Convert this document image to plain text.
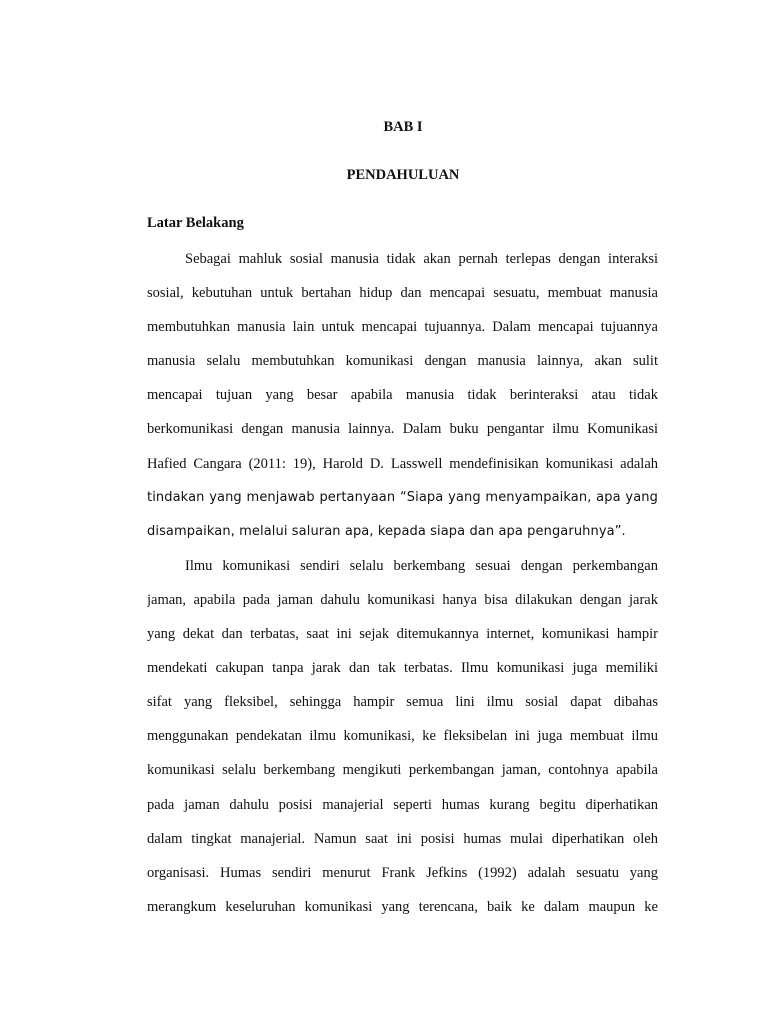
BAB I
PENDAHULUAN
Latar Belakang
Sebagai mahluk sosial manusia tidak akan pernah terlepas dengan interaksi
sosial, kebutuhan untuk bertahan hidup dan mencapai sesuatu, membuat manusia
membutuhkan manusia lain untuk mencapai tujuannya. Dalam mencapai tujuannya
manusia selalu membutuhkan komunikasi dengan manusia lainnya, akan sulit
mencapai tujuan yang besar apabila manusia tidak berinteraksi atau tidak
berkomunikasi dengan manusia lainnya. Dalam buku pengantar ilmu Komunikasi
Hafied Cangara (2011: 19), Harold D. Lasswell mendefinisikan komunikasi adalah
tindakan yang menjawab pertanyaan “Siapa yang menyampaikan, apa yang
disampaikan, melalui saluran apa, kepada siapa dan apa pengaruhnya”.
Ilmu komunikasi sendiri selalu berkembang sesuai dengan perkembangan
jaman, apabila pada jaman dahulu komunikasi hanya bisa dilakukan dengan jarak
yang dekat dan terbatas, saat ini sejak ditemukannya internet, komunikasi hampir
mendekati cakupan tanpa jarak dan tak terbatas. Ilmu komunikasi juga memiliki
sifat yang fleksibel, sehingga hampir semua lini ilmu sosial dapat dibahas
menggunakan pendekatan ilmu komunikasi, ke fleksibelan ini juga membuat ilmu
komunikasi selalu berkembang mengikuti perkembangan jaman, contohnya apabila
pada jaman dahulu posisi manajerial seperti humas kurang begitu diperhatikan
dalam tingkat manajerial. Namun saat ini posisi humas mulai diperhatikan oleh
organisasi. Humas sendiri menurut Frank Jefkins (1992) adalah sesuatu yang
merangkum keseluruhan komunikasi yang terencana, baik ke dalam maupun ke
